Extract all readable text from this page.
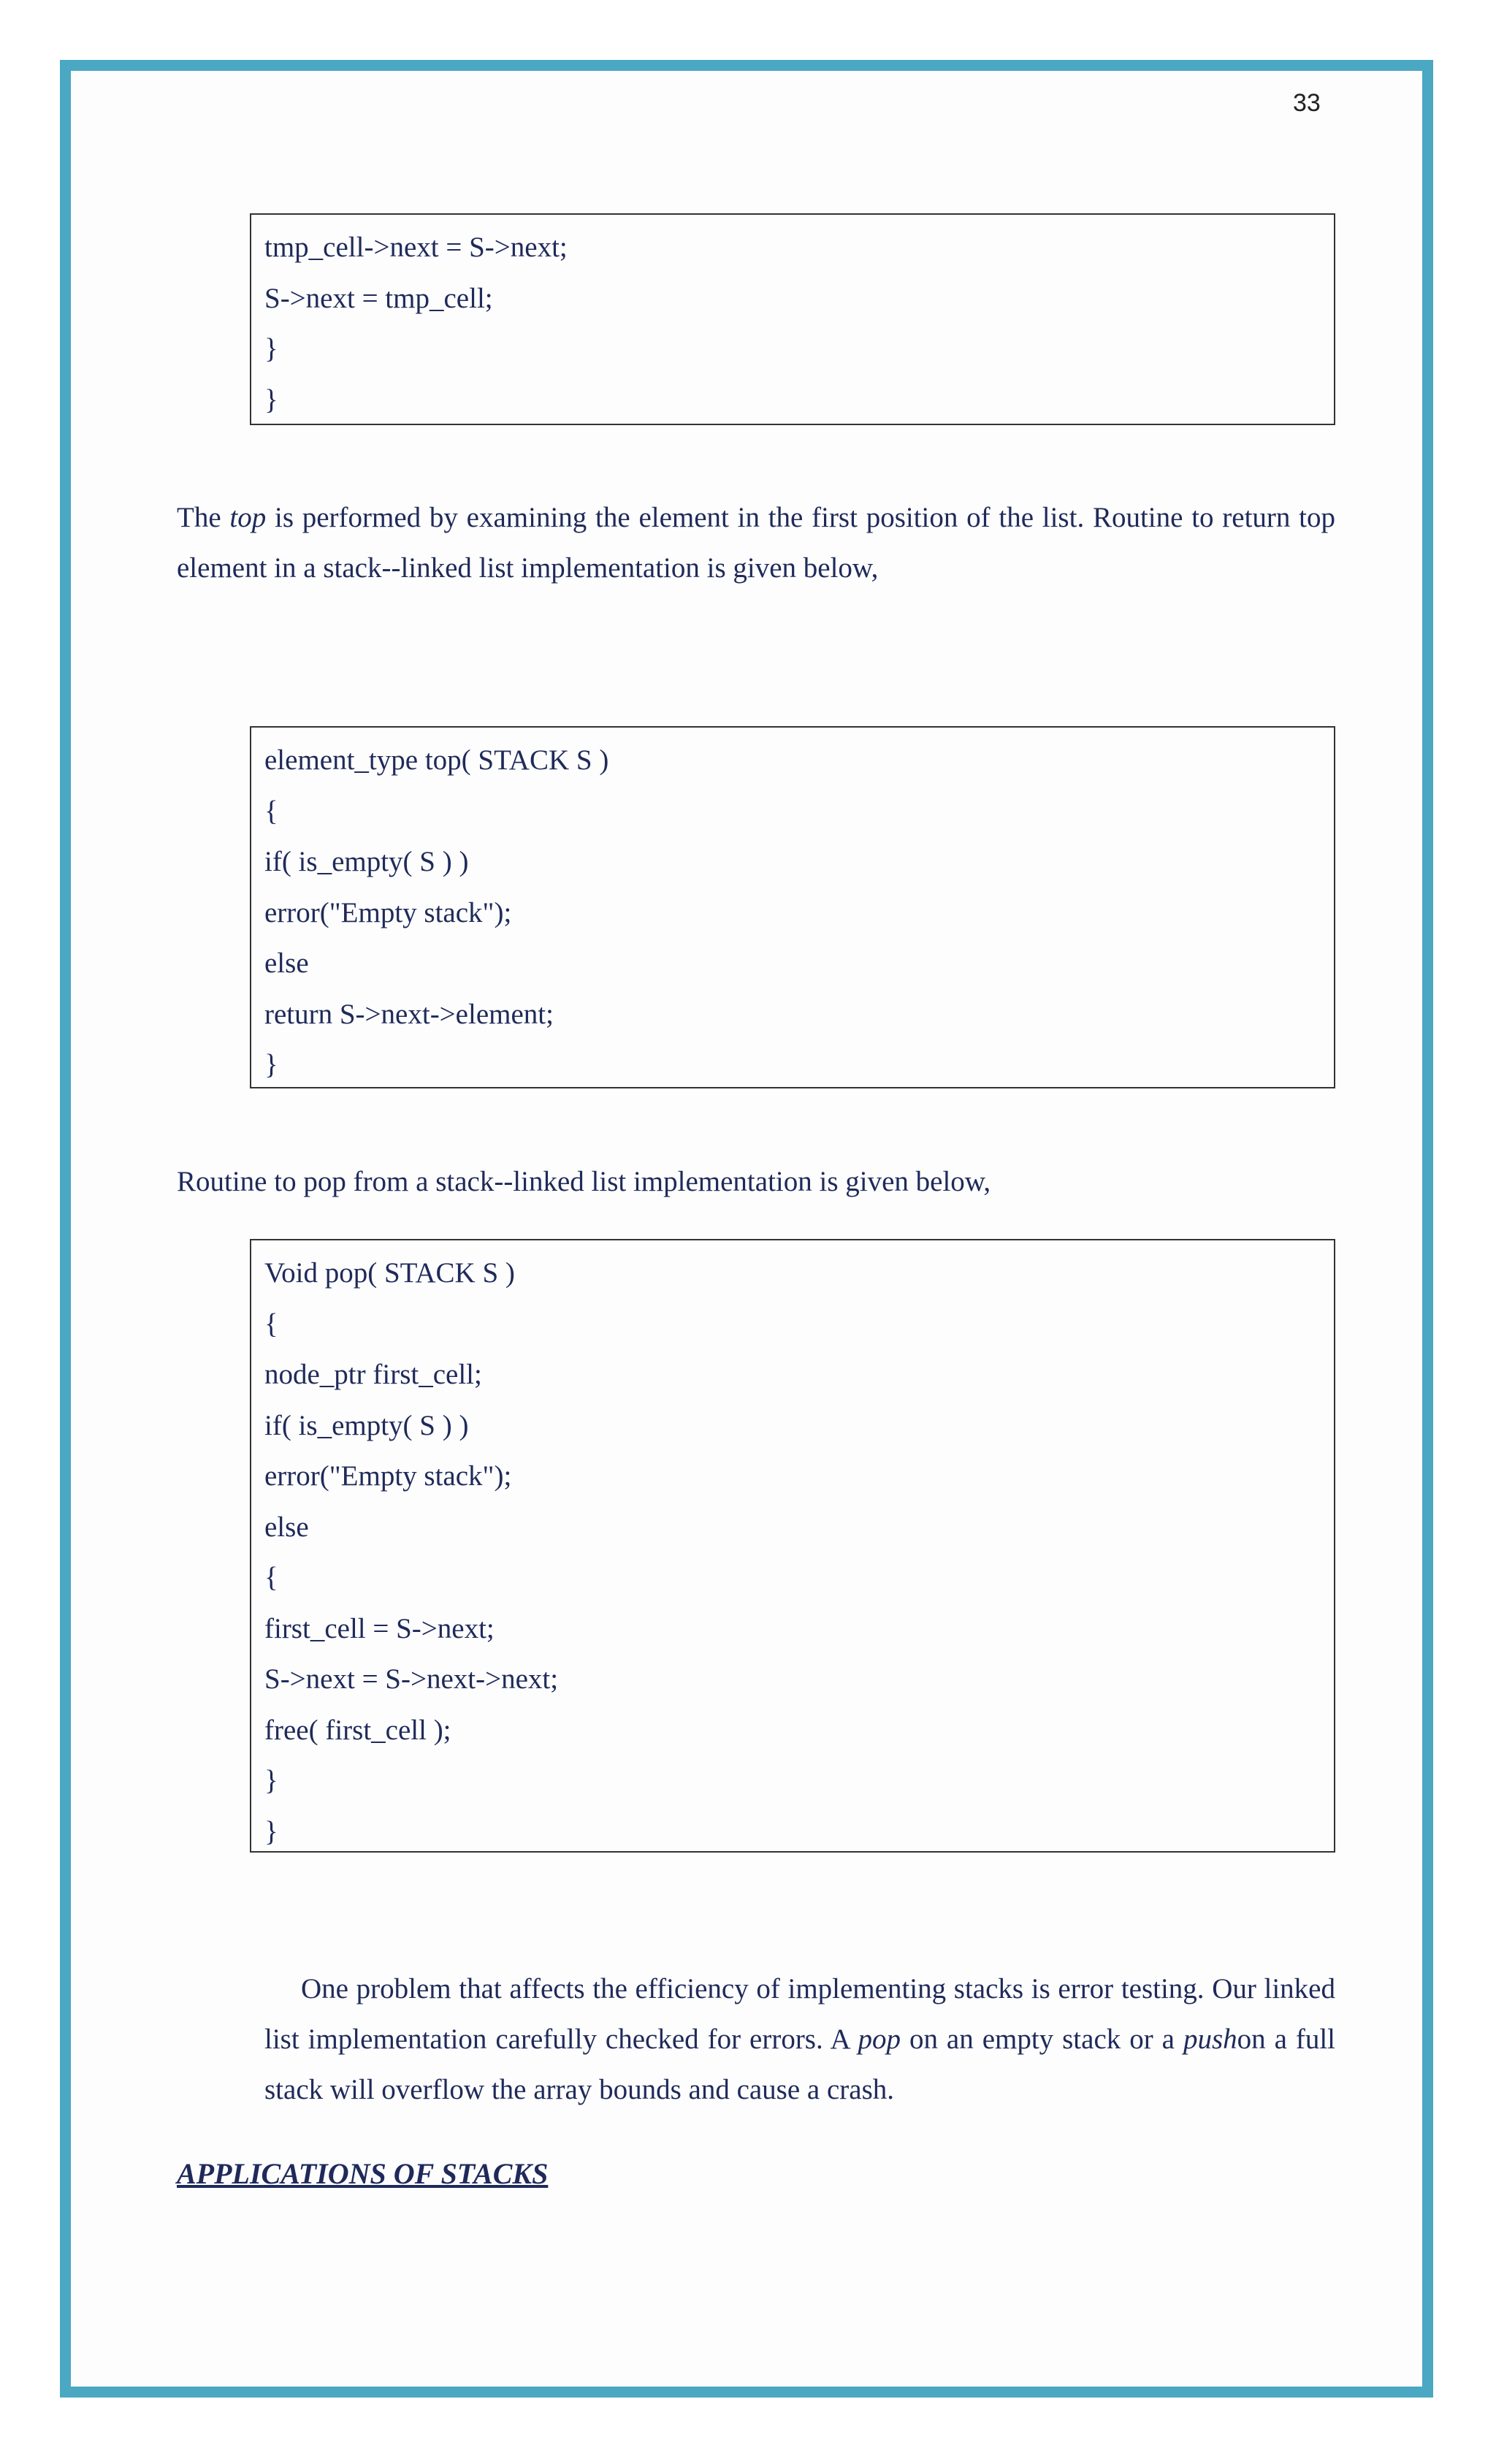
33
tmp_cell->next = S->next;
S->next = tmp_cell;
}
}
The top is performed by examining the element in the first position of the list. Routine to return top element in a stack--linked list implementation is given below,
element_type top( STACK S )
{
if( is_empty( S ) )
error("Empty stack");
else
return S->next->element;
}
Routine to pop from a stack--linked list implementation is given below,
Void pop( STACK S )
{
node_ptr first_cell;
if( is_empty( S ) )
error("Empty stack");
else
{
first_cell = S->next;
S->next = S->next->next;
free( first_cell );
}
}
One problem that affects the efficiency of implementing stacks is error testing. Our linked list implementation carefully checked for errors. A pop on an empty stack or a pushon a full stack will overflow the array bounds and cause a crash.
APPLICATIONS OF STACKS
